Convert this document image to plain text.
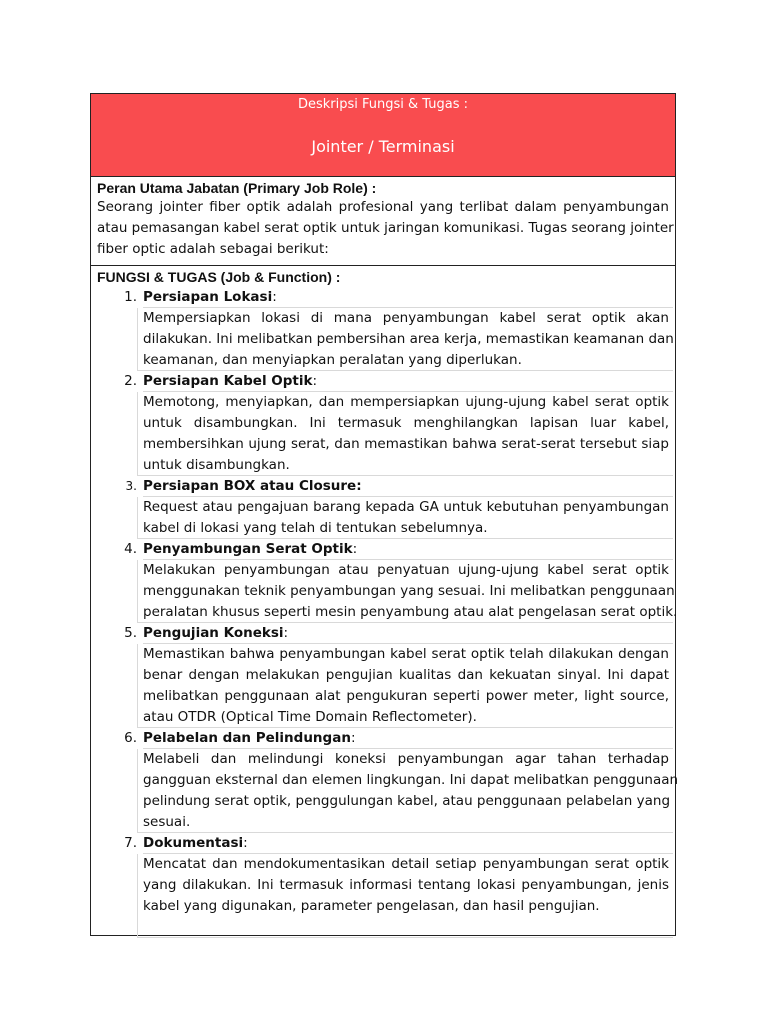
Deskripsi Fungsi & Tugas :
Jointer / Terminasi
Peran Utama Jabatan (Primary Job Role) :
Seorang jointer fiber optik adalah profesional yang terlibat dalam penyambungan
atau pemasangan kabel serat optik untuk jaringan komunikasi. Tugas seorang jointer
fiber optic adalah sebagai berikut:
FUNGSI & TUGAS (Job & Function) :
1. Persiapan Lokasi:
Mempersiapkan lokasi di mana penyambungan kabel serat optik akan
dilakukan. Ini melibatkan pembersihan area kerja, memastikan keamanan dan
keamanan, dan menyiapkan peralatan yang diperlukan.
2. Persiapan Kabel Optik:
Memotong, menyiapkan, dan mempersiapkan ujung-ujung kabel serat optik
untuk disambungkan. Ini termasuk menghilangkan lapisan luar kabel,
membersihkan ujung serat, dan memastikan bahwa serat-serat tersebut siap
untuk disambungkan.
3. Persiapan BOX atau Closure:
Request atau pengajuan barang kepada GA untuk kebutuhan penyambungan
kabel di lokasi yang telah di tentukan sebelumnya.
4. Penyambungan Serat Optik:
Melakukan penyambungan atau penyatuan ujung-ujung kabel serat optik
menggunakan teknik penyambungan yang sesuai. Ini melibatkan penggunaan
peralatan khusus seperti mesin penyambung atau alat pengelasan serat optik.
5. Pengujian Koneksi:
Memastikan bahwa penyambungan kabel serat optik telah dilakukan dengan
benar dengan melakukan pengujian kualitas dan kekuatan sinyal. Ini dapat
melibatkan penggunaan alat pengukuran seperti power meter, light source,
atau OTDR (Optical Time Domain Reflectometer).
6. Pelabelan dan Pelindungan:
Melabeli dan melindungi koneksi penyambungan agar tahan terhadap
gangguan eksternal dan elemen lingkungan. Ini dapat melibatkan penggunaan
pelindung serat optik, penggulungan kabel, atau penggunaan pelabelan yang
sesuai.
7. Dokumentasi:
Mencatat dan mendokumentasikan detail setiap penyambungan serat optik
yang dilakukan. Ini termasuk informasi tentang lokasi penyambungan, jenis
kabel yang digunakan, parameter pengelasan, dan hasil pengujian.
